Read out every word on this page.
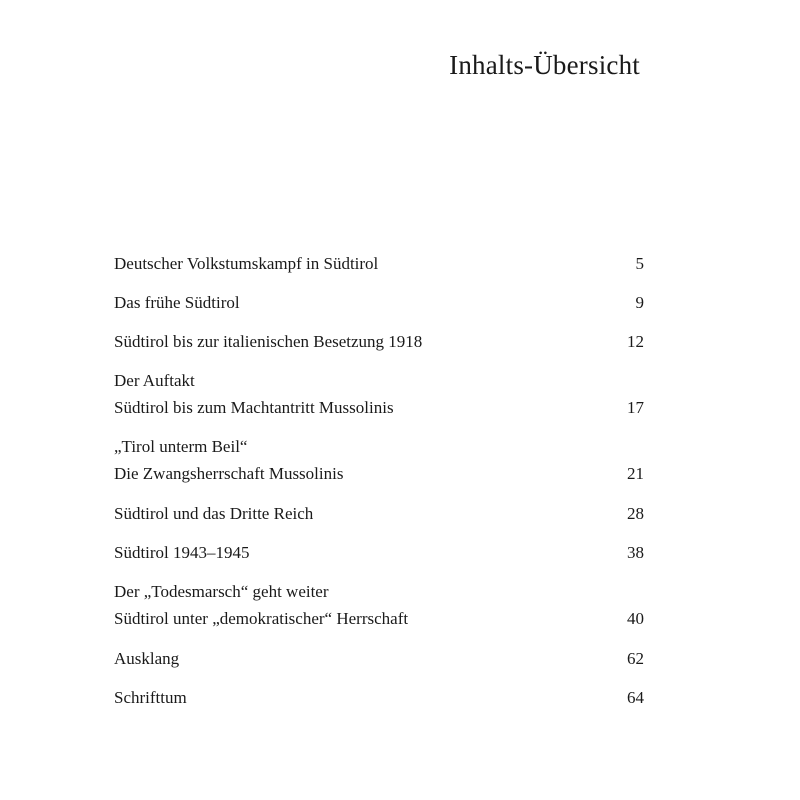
Inhalts-Übersicht
Deutscher Volkstumskampf in Südtirol	5
Das frühe Südtirol	9
Südtirol bis zur italienischen Besetzung 1918	12
Der Auftakt
Südtirol bis zum Machtantritt Mussolinis	17
„Tirol unterm Beil“
Die Zwangsherrschaft Mussolinis	21
Südtirol und das Dritte Reich	28
Südtirol 1943–1945	38
Der „Todesmarsch“ geht weiter
Südtirol unter „demokratischer“ Herrschaft	40
Ausklang	62
Schrifttum	64
